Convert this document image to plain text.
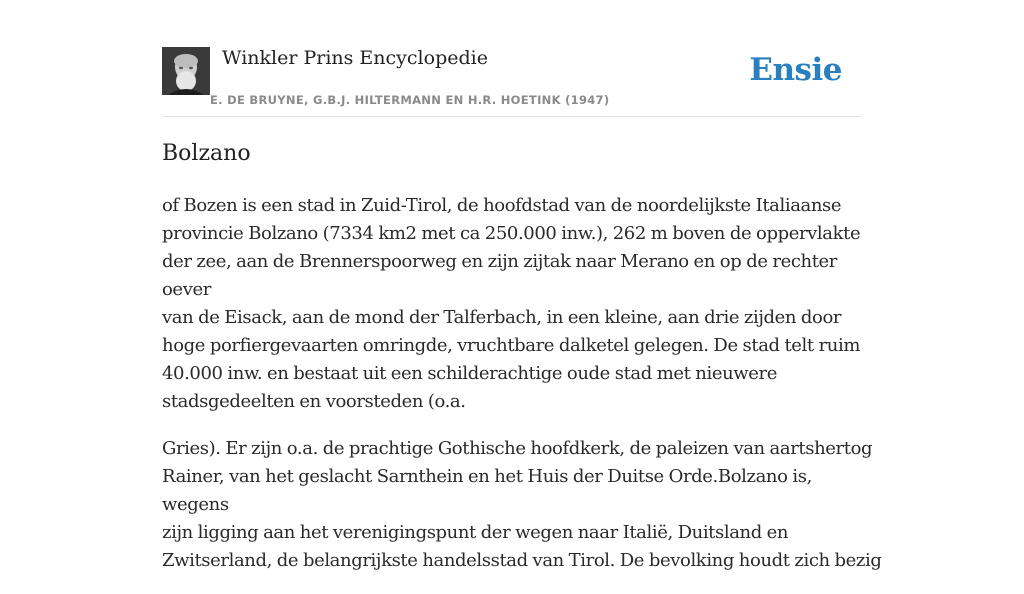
Winkler Prins Encyclopedie
E. DE BRUYNE, G.B.J. HILTERMANN EN H.R. HOETINK (1947)
Ensie
Bolzano

of Bozen is een stad in Zuid-Tirol, de hoofdstad van de noordelijkste Italiaanse
provincie Bolzano (7334 km2 met ca 250.000 inw.), 262 m boven de oppervlakte
der zee, aan de Brennerspoorweg en zijn zijtak naar Merano en op de rechter oever
van de Eisack, aan de mond der Talferbach, in een kleine, aan drie zijden door
hoge porfiergevaarten omringde, vruchtbare dalketel gelegen. De stad telt ruim
40.000 inw. en bestaat uit een schilderachtige oude stad met nieuwere
stadsgedeelten en voorsteden (o.a.

Gries). Er zijn o.a. de prachtige Gothische hoofdkerk, de paleizen van aartshertog
Rainer, van het geslacht Sarnthein en het Huis der Duitse Orde.Bolzano is, wegens
zijn ligging aan het verenigingspunt der wegen naar Italië, Duitsland en
Zwitserland, de belangrijkste handelsstad van Tirol. De bevolking houdt zich bezig
